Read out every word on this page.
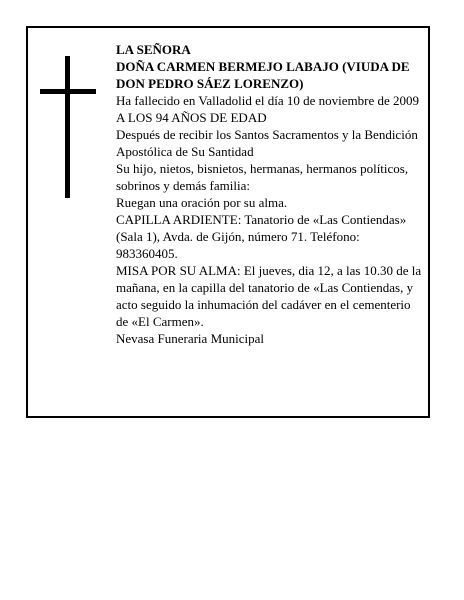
LA SEÑORA

DOÑA CARMEN BERMEJO LABAJO (VIUDA DE DON PEDRO SÁEZ LORENZO)

Ha fallecido en Valladolid el día 10 de noviembre de 2009

A LOS 94 AÑOS DE EDAD

Después de recibir los Santos Sacramentos y la Bendición Apostólica de Su Santidad

Su hijo, nietos, bisnietos, hermanas, hermanos políticos, sobrinos y demás familia:

Ruegan una oración por su alma.

CAPILLA ARDIENTE: Tanatorio de «Las Contiendas» (Sala 1), Avda. de Gijón, número 71. Teléfono: 983360405.

MISA POR SU ALMA: El jueves, dia 12, a las 10.30 de la mañana, en la capilla del tanatorio de «Las Contiendas, y acto seguido la inhumación del cadáver en el cementerio de «El Carmen».

Nevasa Funeraria Municipal
